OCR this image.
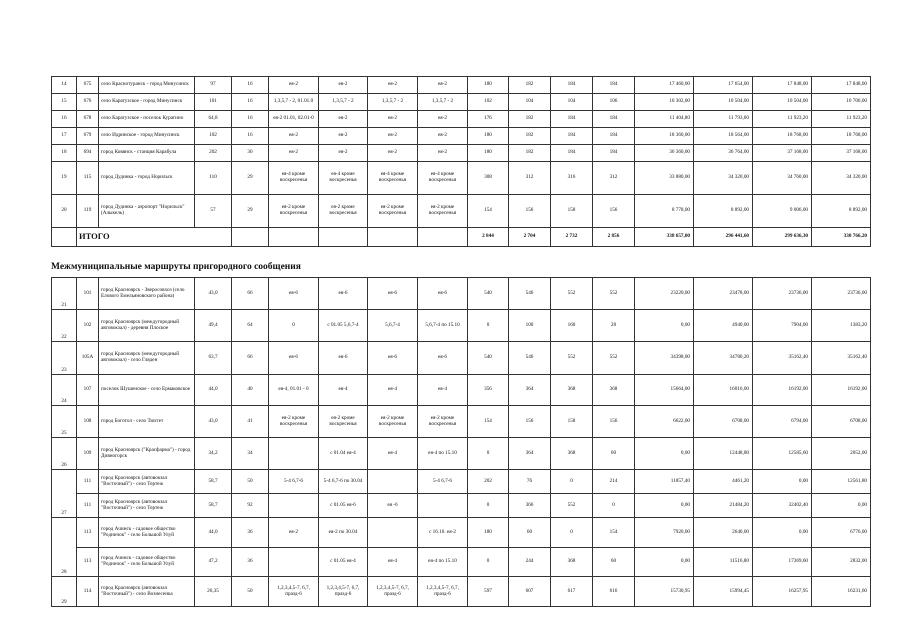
14	675	село Краснотуранск - город Минусинск	97	16	ея-2	ея-2	ея-2	ея-2	180	182	184	184	17 460,00	17 654,00	17 848,00	17 848,00
15	676	село Каратузское - город Минусинск	101	16	1,3,5,7 - 2, 01.01.0	1,3,5,7 - 2	1,3,5,7 - 2	1,3,5,7 - 2	102	104	104	106	10 302,00	10 504,00	10 504,00	10 706,00
16	678	село Каратузское - поселок Курагино	64,8	16	ея-2 01.01, 02.01-0	ея-2	ея-2	ея-2	176	182	184	184	11 404,80	11 793,60	11 923,20	11 923,20
17	679	село Идринское - город Минусинск	102	16	ея-2	ея-2	ея-2	ея-2	180	182	184	184	18 360,00	18 564,00	18 768,00	18 768,00
18	694	город Ковянск - станция Карабула	202	30	ея-2	ея-2	ея-2	ея-2	180	182	184	184	36 360,00	36 764,00	37 168,00	37 168,00
19	115	город Дудинка - город Норильск	110	29	ея-4 кроме воскресенья	ея-4 кроме воскресенья	ея-4 кроме воскресенья	ея-4 кроме воскресенья	308	312	316	312	33 880,00	34 320,00	34 760,00	34 320,00
20	119	город Дудинка - аэропорт "Норильск" (Алыкель)	57	29	ея-2 кроме воскресенья	ея-2 кроме воскресенья	ея-2 кроме воскресенья	ея-2 кроме воскресенья	154	156	158	156	8 778,00	8 892,00	9 006,00	8 892,00
	ИТОГО								2 844	2 704	2 732	2 856	338 657,00	296 441,60	299 636,30	330 766,20
Межмуниципальные маршруты пригородного сообщения
21	101	город Красноярск - Зверосовхоз (село Елового Емельяновского района)	43,0	66	ея-6	ея-6	ея-6	ея-6	540	546	552	552	23220,00	23478,00	23736,00	23736,00
22	102	город Красноярск (междугородный автовокзал) - деревня Плоское	49,4	64	0	с 01.05 5,6,7-4	5,6,7-4	5,6,7-4 по 15.10	0	100	160	28	0,00	4940,00	7904,00	1383,20
23	105А	город Красноярск (междугородный автовокзал) - село Гляден	63,7	66	ея-6	ея-6	ея-6	ея-6	540	546	552	552	34398,00	34780,20	35162,40	35162,40
24	107	поселок Шушенское - село Ермаковское	44,0	40	ея-4, 01.01 - 0	ея-4	ея-4	ея-4	356	364	368	368	15664,00	16016,00	16192,00	16192,00
25	108	город Боготол - село Тюхтет	43,0	41	ея-2 кроме воскресенья	ея-2 кроме воскресенья	ея-2 кроме воскресенья	ея-2 кроме воскресенья	154	156	158	156	6622,00	6708,00	6794,00	6708,00
26	109	город Красноярск ("Красфарма") - город Дивногорск	34,2	34		с 01.04 ея-4	ея-4	ея-4 по 15.10	0	364	368	60	0,00	12448,80	12585,60	2052,00
27	111	город Красноярск (автовокзал "Восточный") - село Тертеж	58,7	50	5-4 6,7-6	5-4 6,7-6 по 30.04		5-4 6,7-6	202	76	0	214	11857,40	4461,20	0,00	12561,80
	111	город Красноярск (автовокзал "Восточный") - село Тертеж	58,7	92		с 01.05 ея-6	ея -6		0	366	552	0	0,00	21484,20	32402,40	0,00
28	113	город Ачинск - садовое общество "Родничок" - село Большой Улуй	44,0	36	ея-2	ея-2 по 30.04		с 16.10. ея-2	180	60	0	154	7920,00	2640,00	0,00	6776,00
	113	город Ачинск - садовое общество "Родничок" - село Большой Улуй	47,2	36		с 01.05 ея-4	ея-4	ея-4 по 15.10	0	244	368	60	0,00	11516,80	17369,60	2832,00
29	114	город Красноярск (автовокзал "Восточный") - село Вознесенка	26,35	50	1,2,3,4,5-7, 6,7, празд-6	1,2,3,4,5-7, 6,7, празд-6	1,2,3,4,5-7, 6,7, празд-6	1,2,3,4,5-7, 6,7, празд-6	597	607	617	616	15730,95	15994,45	16257,95	16231,60
